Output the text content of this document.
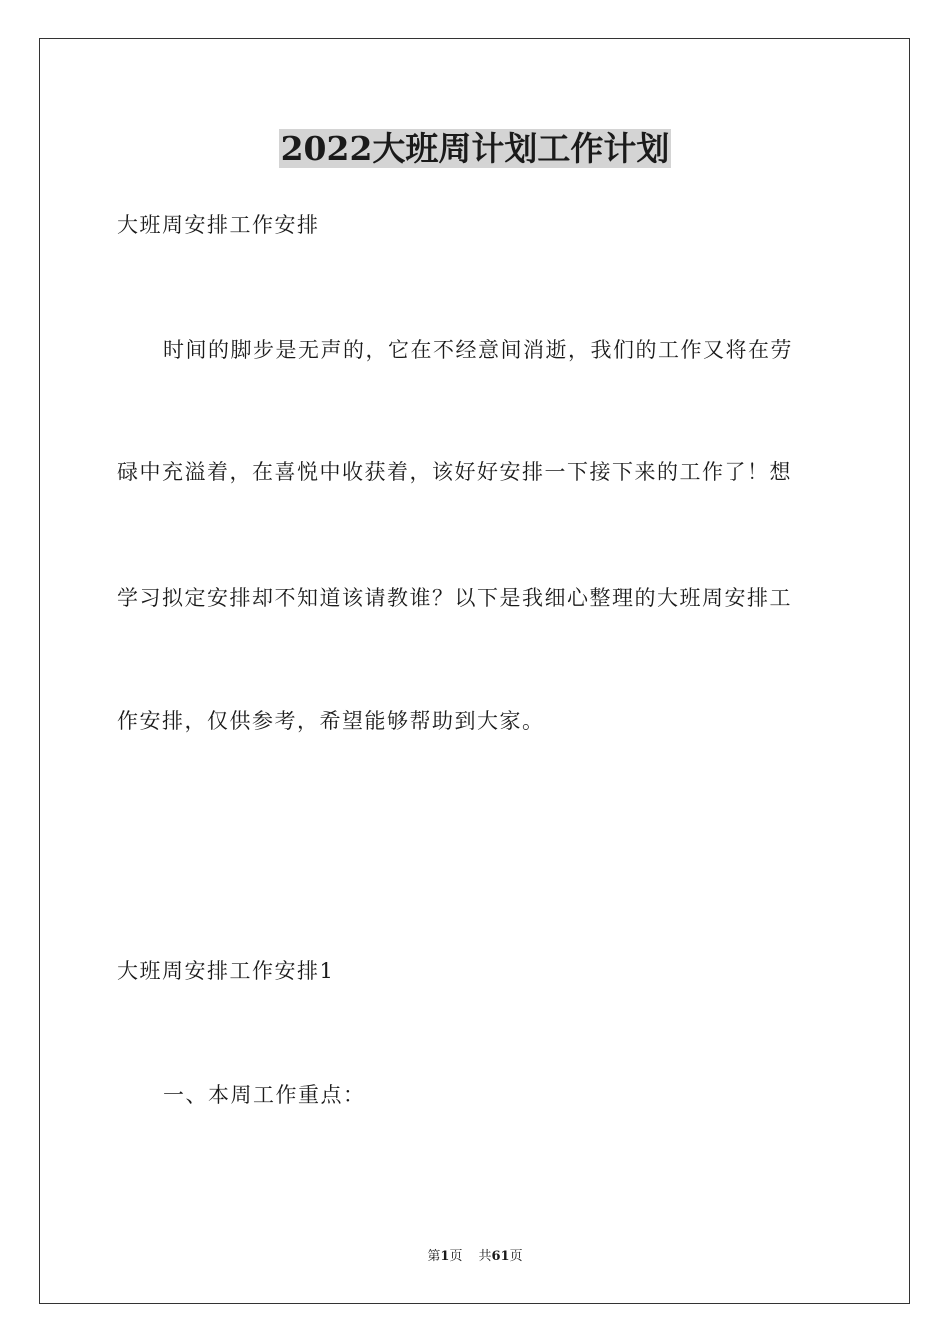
2022大班周计划工作计划
大班周安排工作安排
时间的脚步是无声的，它在不经意间消逝，我们的工作又将在劳
碌中充溢着，在喜悦中收获着，该好好安排一下接下来的工作了！想
学习拟定安排却不知道该请教谁？以下是我细心整理的大班周安排工
作安排，仅供参考，希望能够帮助到大家。
大班周安排工作安排1
一、本周工作重点：
第1页 共61页
